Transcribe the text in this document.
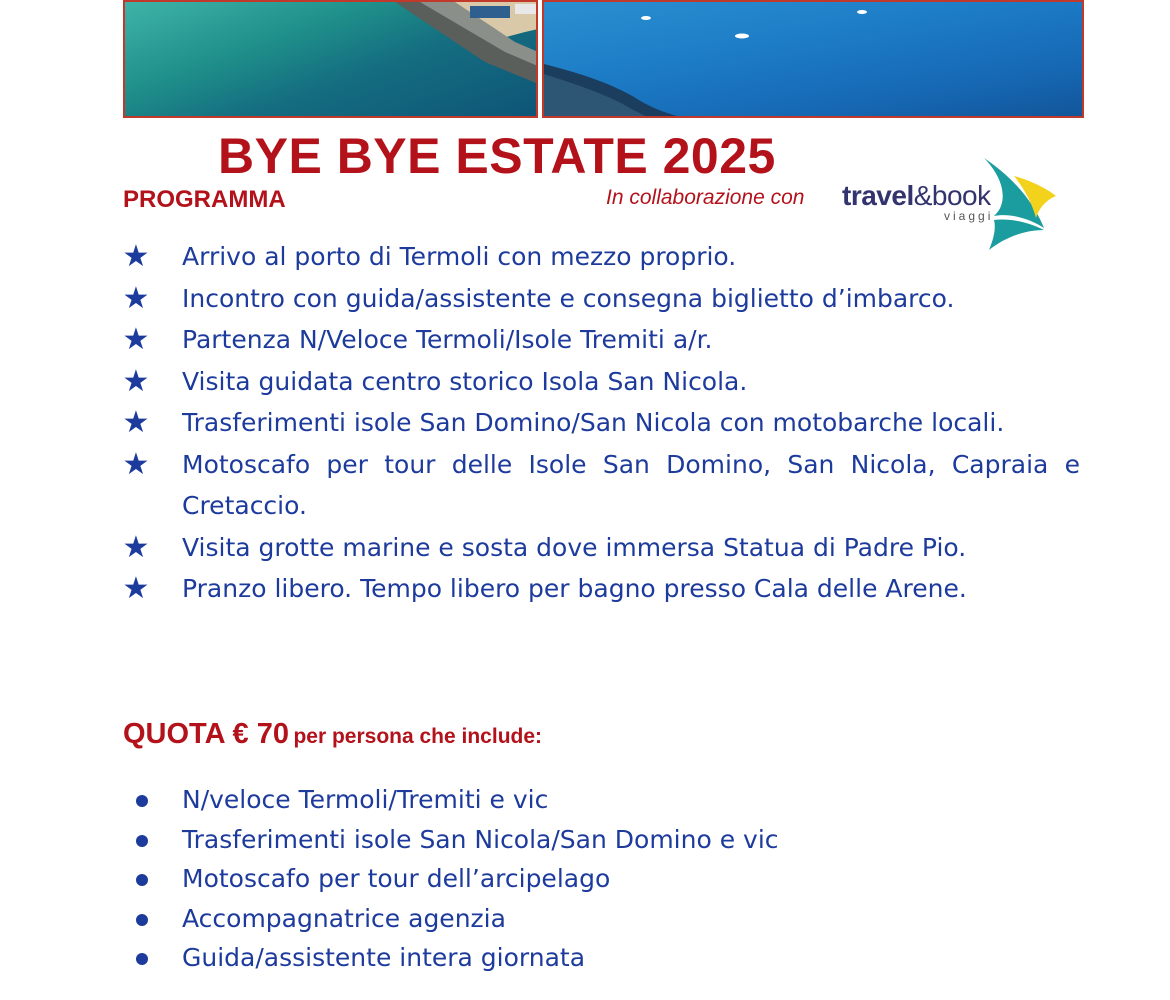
BYE BYE ESTATE 2025
PROGRAMMA	In collaborazione con travel&book
viaggi
★ Arrivo al porto di Termoli con mezzo proprio.
★ Incontro con guida/assistente e consegna biglietto d’imbarco.
★ Partenza N/Veloce Termoli/Isole Tremiti a/r.
★ Visita guidata centro storico Isola San Nicola.
★ Trasferimenti isole San Domino/San Nicola con motobarche locali.
★ Motoscafo per tour delle Isole San Domino, San Nicola, Capraia e Cretaccio.
★ Visita grotte marine e sosta dove immersa Statua di Padre Pio.
★ Pranzo libero. Tempo libero per bagno presso Cala delle Arene.
QUOTA € 70 per persona che include:
N/veloce Termoli/Tremiti e vic
Trasferimenti isole San Nicola/San Domino e vic
Motoscafo per tour dell’arcipelago
Accompagnatrice agenzia
Guida/assistente intera giornata
